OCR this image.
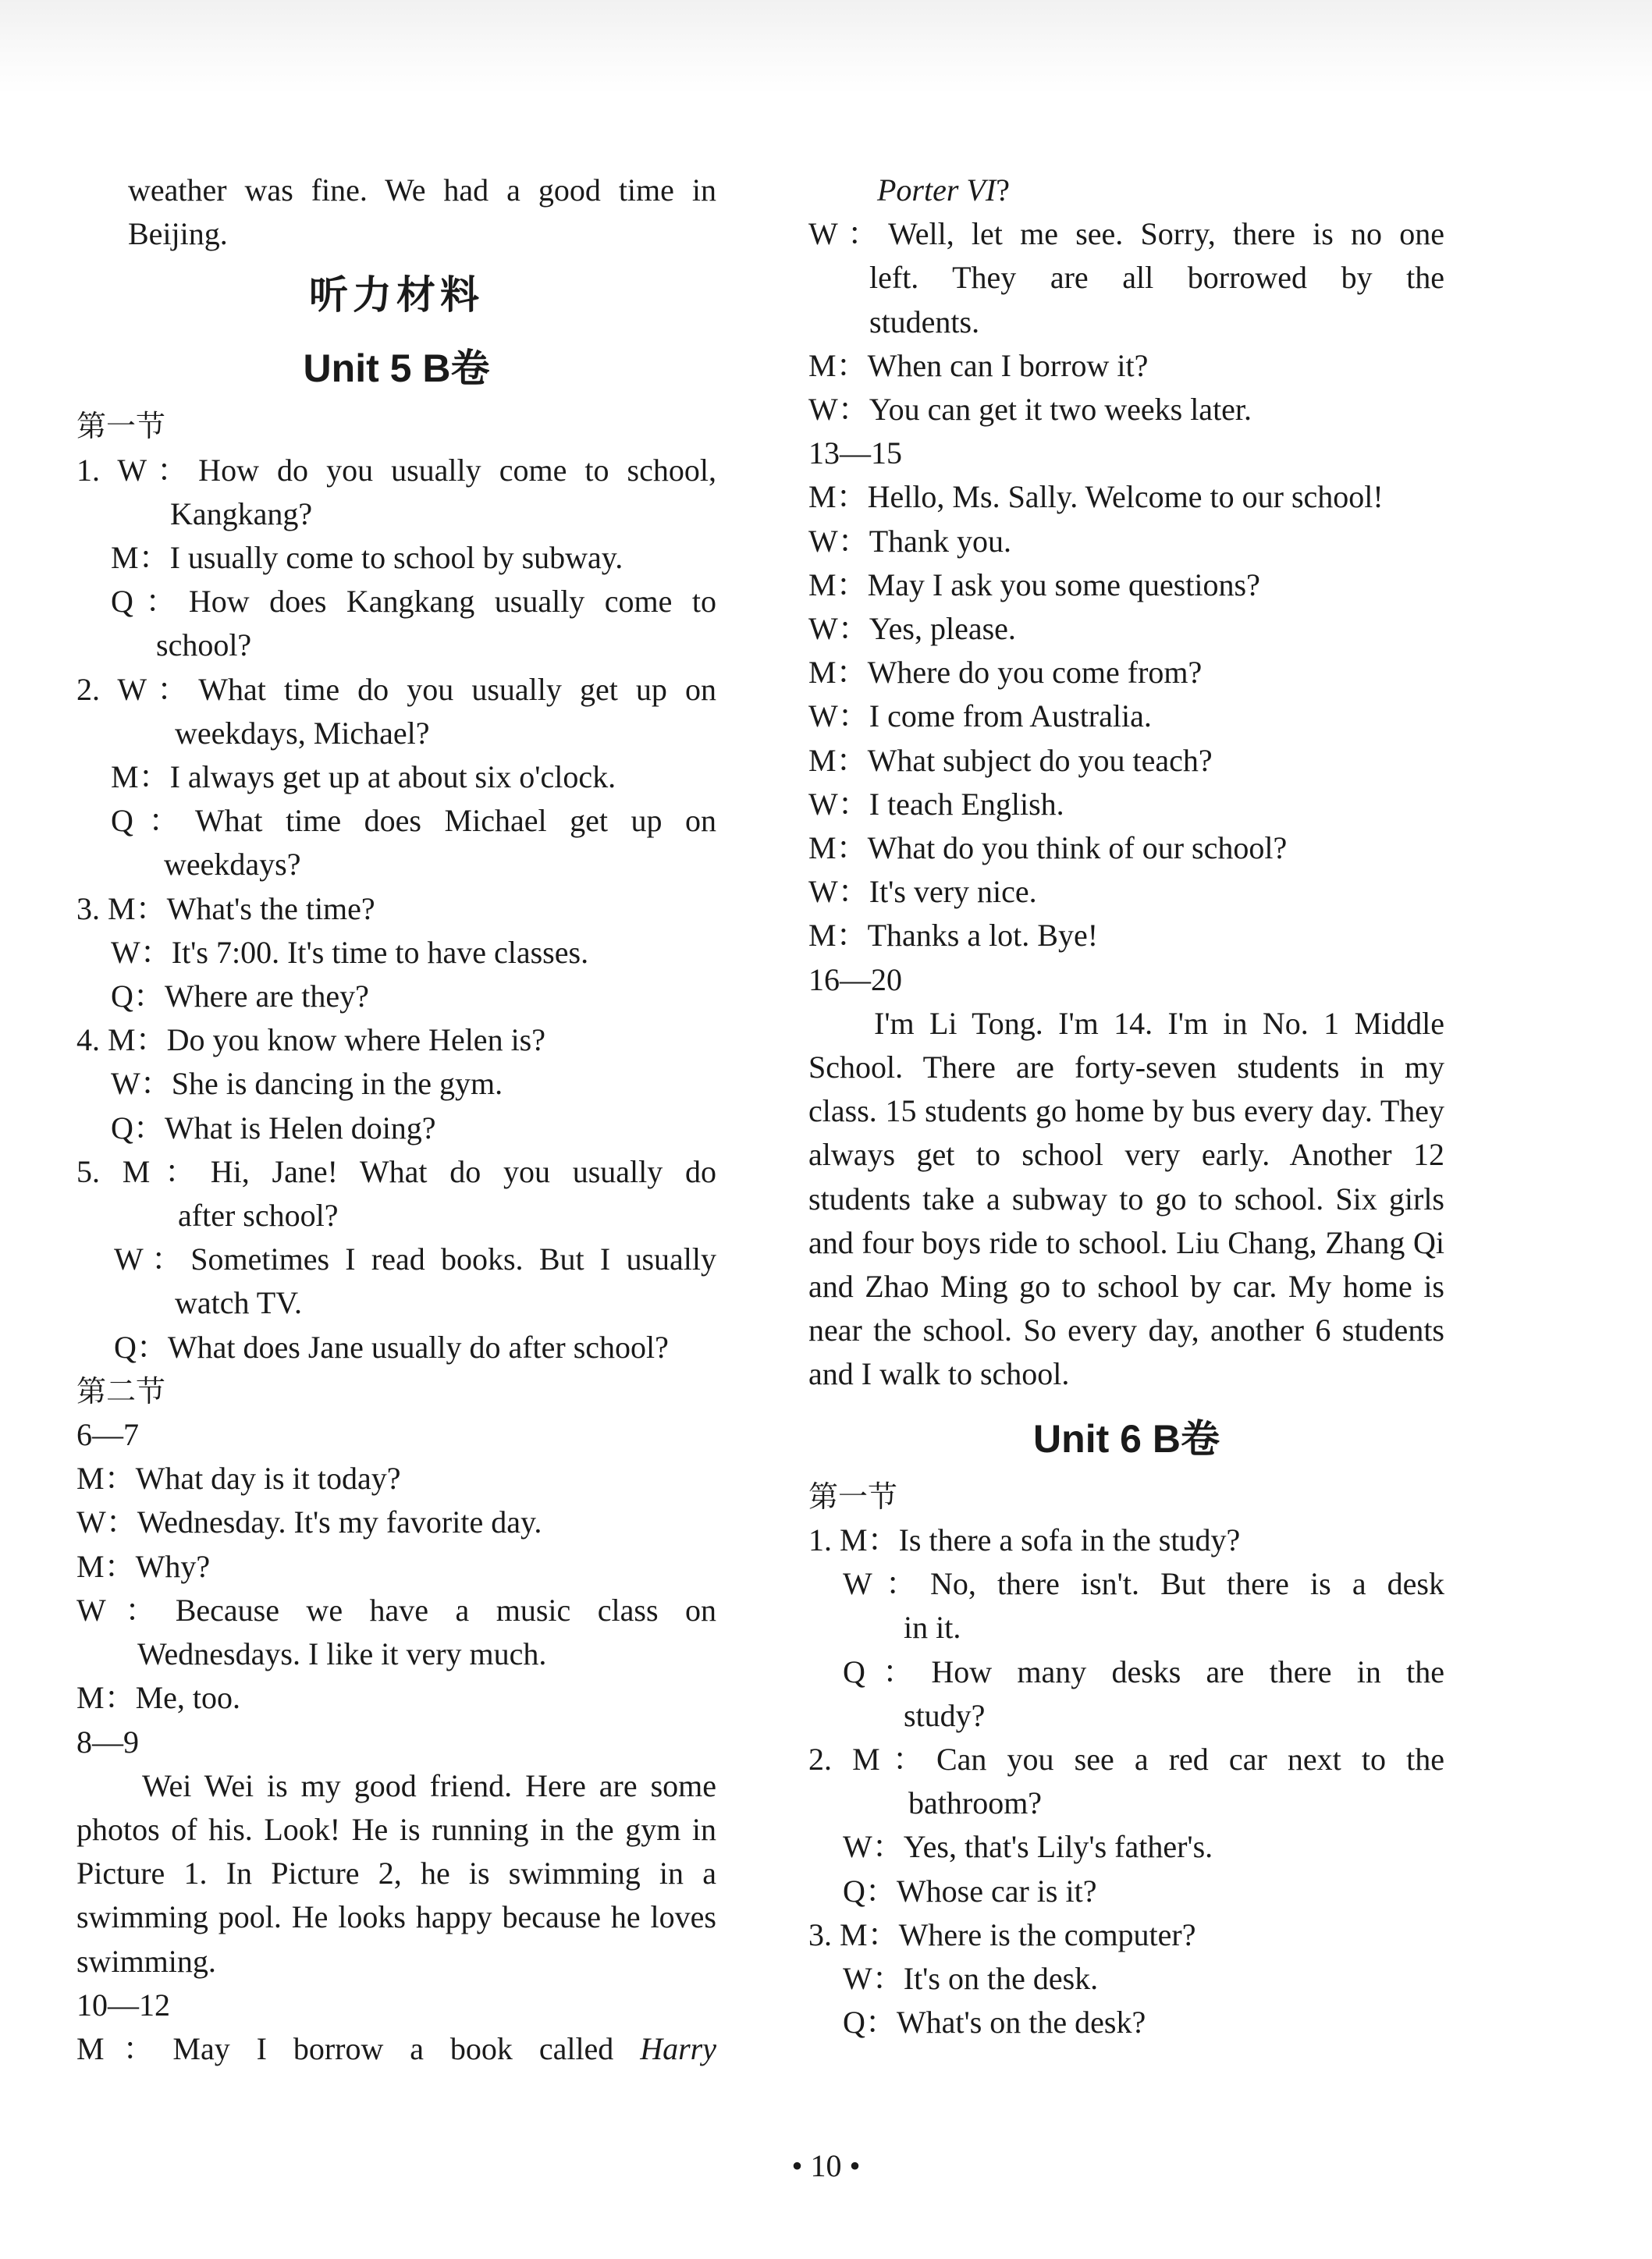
weather was fine. We had a good time in
Beijing.
听力材料
Unit 5 B卷
第一节
1. W：How do you usually come to school,
Kangkang?
M：I usually come to school by subway.
Q：How does Kangkang usually come to
school?
2. W：What time do you usually get up on
weekdays, Michael?
M：I always get up at about six o'clock.
Q：What time does Michael get up on
weekdays?
3. M：What's the time?
W：It's 7:00. It's time to have classes.
Q：Where are they?
4. M：Do you know where Helen is?
W：She is dancing in the gym.
Q：What is Helen doing?
5. M：Hi, Jane! What do you usually do
after school?
W：Sometimes I read books. But I usually
watch TV.
Q：What does Jane usually do after school?
第二节
6—7
M：What day is it today?
W：Wednesday. It's my favorite day.
M：Why?
W：Because we have a music class on
Wednesdays. I like it very much.
M：Me, too.
8—9
Wei Wei is my good friend. Here are some photos of his. Look! He is running in the gym in Picture 1. In Picture 2, he is swimming in a swimming pool. He looks happy because he loves swimming.
10—12
M：May I borrow a book called Harry
Porter VI?
W：Well, let me see. Sorry, there is no one
left. They are all borrowed by the
students.
M：When can I borrow it?
W：You can get it two weeks later.
13—15
M：Hello, Ms. Sally. Welcome to our school!
W：Thank you.
M：May I ask you some questions?
W：Yes, please.
M：Where do you come from?
W：I come from Australia.
M：What subject do you teach?
W：I teach English.
M：What do you think of our school?
W：It's very nice.
M：Thanks a lot. Bye!
16—20
I'm Li Tong. I'm 14. I'm in No. 1 Middle School. There are forty-seven students in my class. 15 students go home by bus every day. They always get to school very early. Another 12 students take a subway to go to school. Six girls and four boys ride to school. Liu Chang, Zhang Qi and Zhao Ming go to school by car. My home is near the school. So every day, another 6 students and I walk to school.
Unit 6 B卷
第一节
1. M：Is there a sofa in the study?
W：No, there isn't. But there is a desk
in it.
Q：How many desks are there in the
study?
2. M：Can you see a red car next to the
bathroom?
W：Yes, that's Lily's father's.
Q：Whose car is it?
3. M：Where is the computer?
W：It's on the desk.
Q：What's on the desk?
• 10 •
